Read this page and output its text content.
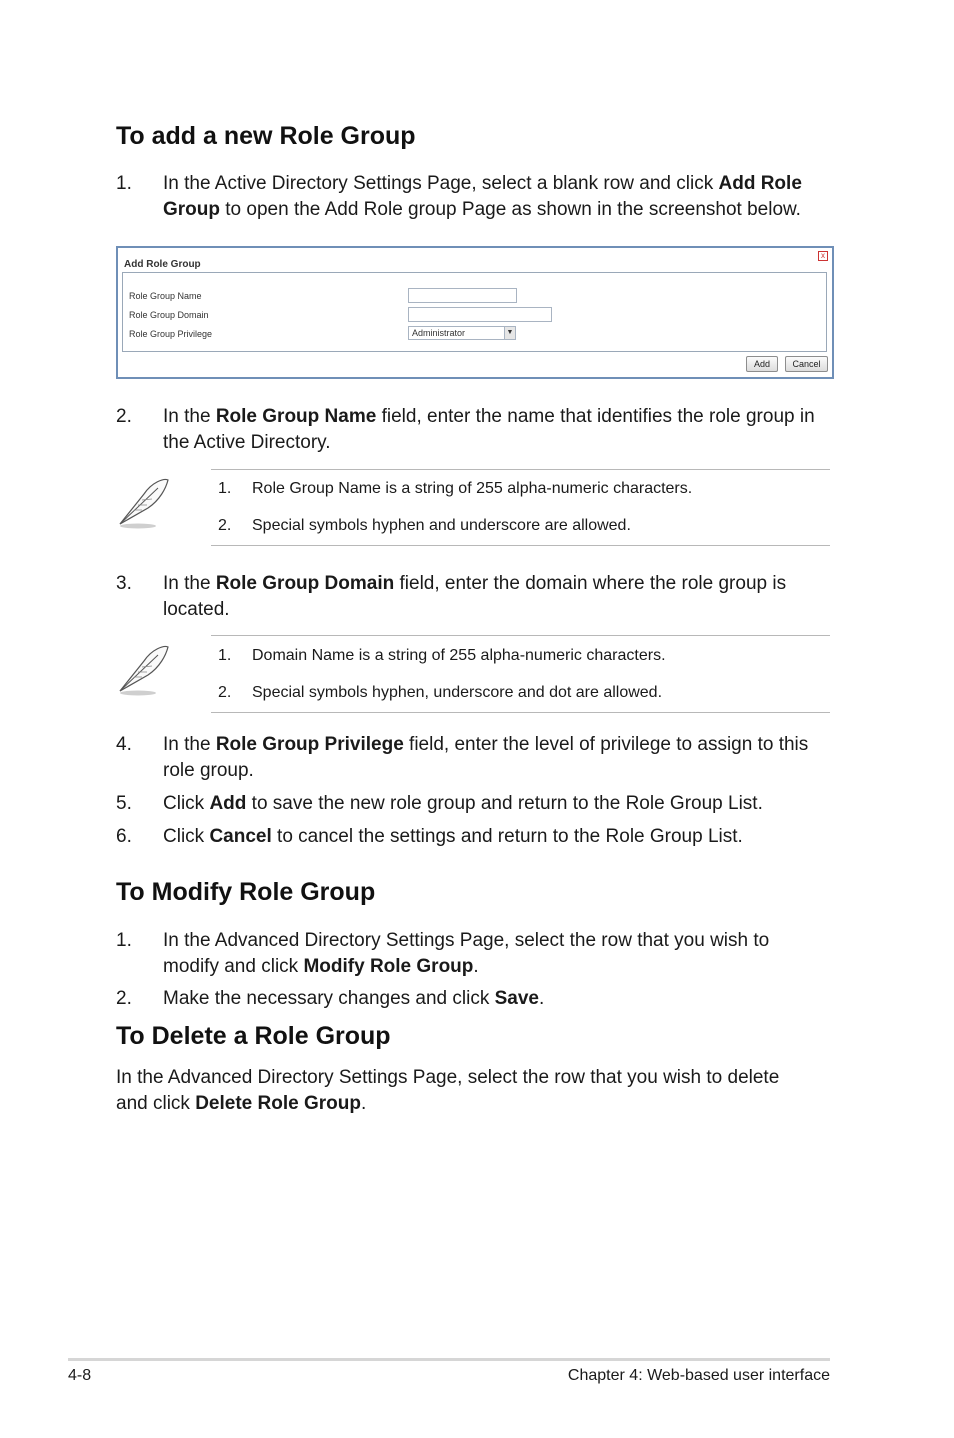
To add a new Role Group
1. In the Active Directory Settings Page, select a blank row and click Add Role
Group to open the Add Role group Page as shown in the screenshot below.
Add Role Group
x
Role Group Name
Role Group Domain
Role Group Privilege	Administrator	▼
Add	Cancel
2. In the Role Group Name field, enter the name that identifies the role group in
the Active Directory.
1. Role Group Name is a string of 255 alpha-numeric characters.
2. Special symbols hyphen and underscore are allowed.
3. In the Role Group Domain field, enter the domain where the role group is
located.
1. Domain Name is a string of 255 alpha-numeric characters.
2. Special symbols hyphen, underscore and dot are allowed.
4. In the Role Group Privilege field, enter the level of privilege to assign to this
role group.
5. Click Add to save the new role group and return to the Role Group List.
6. Click Cancel to cancel the settings and return to the Role Group List.
To Modify Role Group
1. In the Advanced Directory Settings Page, select the row that you wish to
modify and click Modify Role Group.
2. Make the necessary changes and click Save.
To Delete a Role Group
In the Advanced Directory Settings Page, select the row that you wish to delete
and click Delete Role Group.
4-8	Chapter 4: Web-based user interface
